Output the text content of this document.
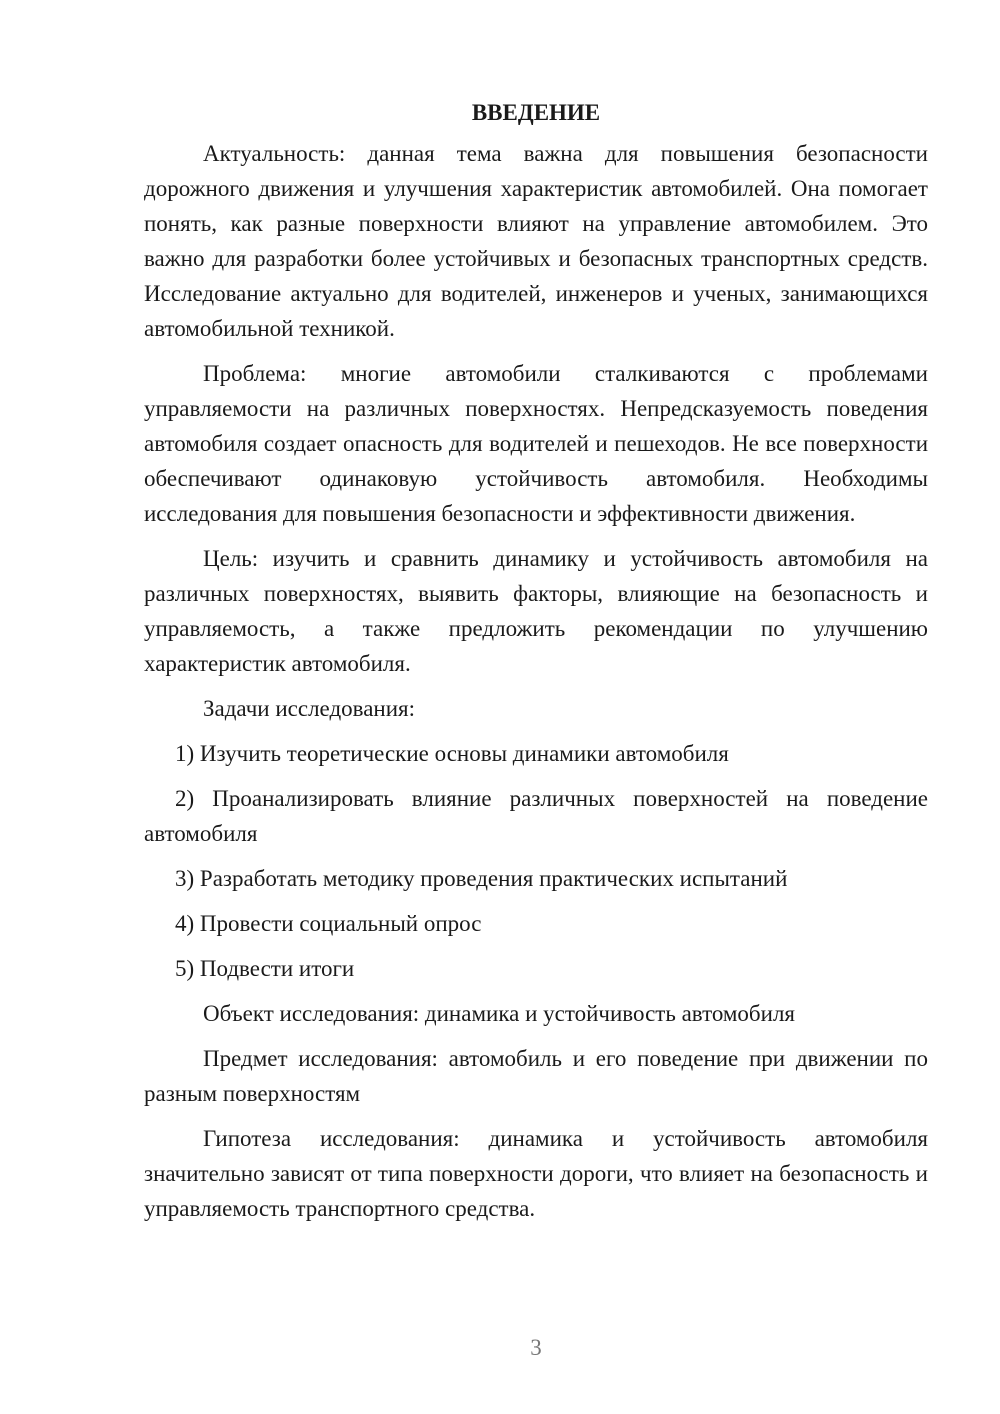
ВВЕДЕНИЕ

Актуальность: данная тема важна для повышения безопасности дорожного движения и улучшения характеристик автомобилей. Она помогает понять, как разные поверхности влияют на управление автомобилем. Это важно для разработки более устойчивых и безопасных транспортных средств. Исследование актуально для водителей, инженеров и ученых, занимающихся автомобильной техникой.

Проблема: многие автомобили сталкиваются с проблемами управляемости на различных поверхностях. Непредсказуемость поведения автомобиля создает опасность для водителей и пешеходов. Не все поверхности обеспечивают одинаковую устойчивость автомобиля. Необходимы исследования для повышения безопасности и эффективности движения.

Цель: изучить и сравнить динамику и устойчивость автомобиля на различных поверхностях, выявить факторы, влияющие на безопасность и управляемость, а также предложить рекомендации по улучшению характеристик автомобиля.

Задачи исследования:

1) Изучить теоретические основы динамики автомобиля

2) Проанализировать влияние различных поверхностей на поведение автомобиля

3) Разработать методику проведения практических испытаний

4) Провести социальный опрос

5) Подвести итоги

Объект исследования: динамика и устойчивость автомобиля

Предмет исследования: автомобиль и его поведение при движении по разным поверхностям

Гипотеза исследования: динамика и устойчивость автомобиля значительно зависят от типа поверхности дороги, что влияет на безопасность и управляемость транспортного средства.

3
